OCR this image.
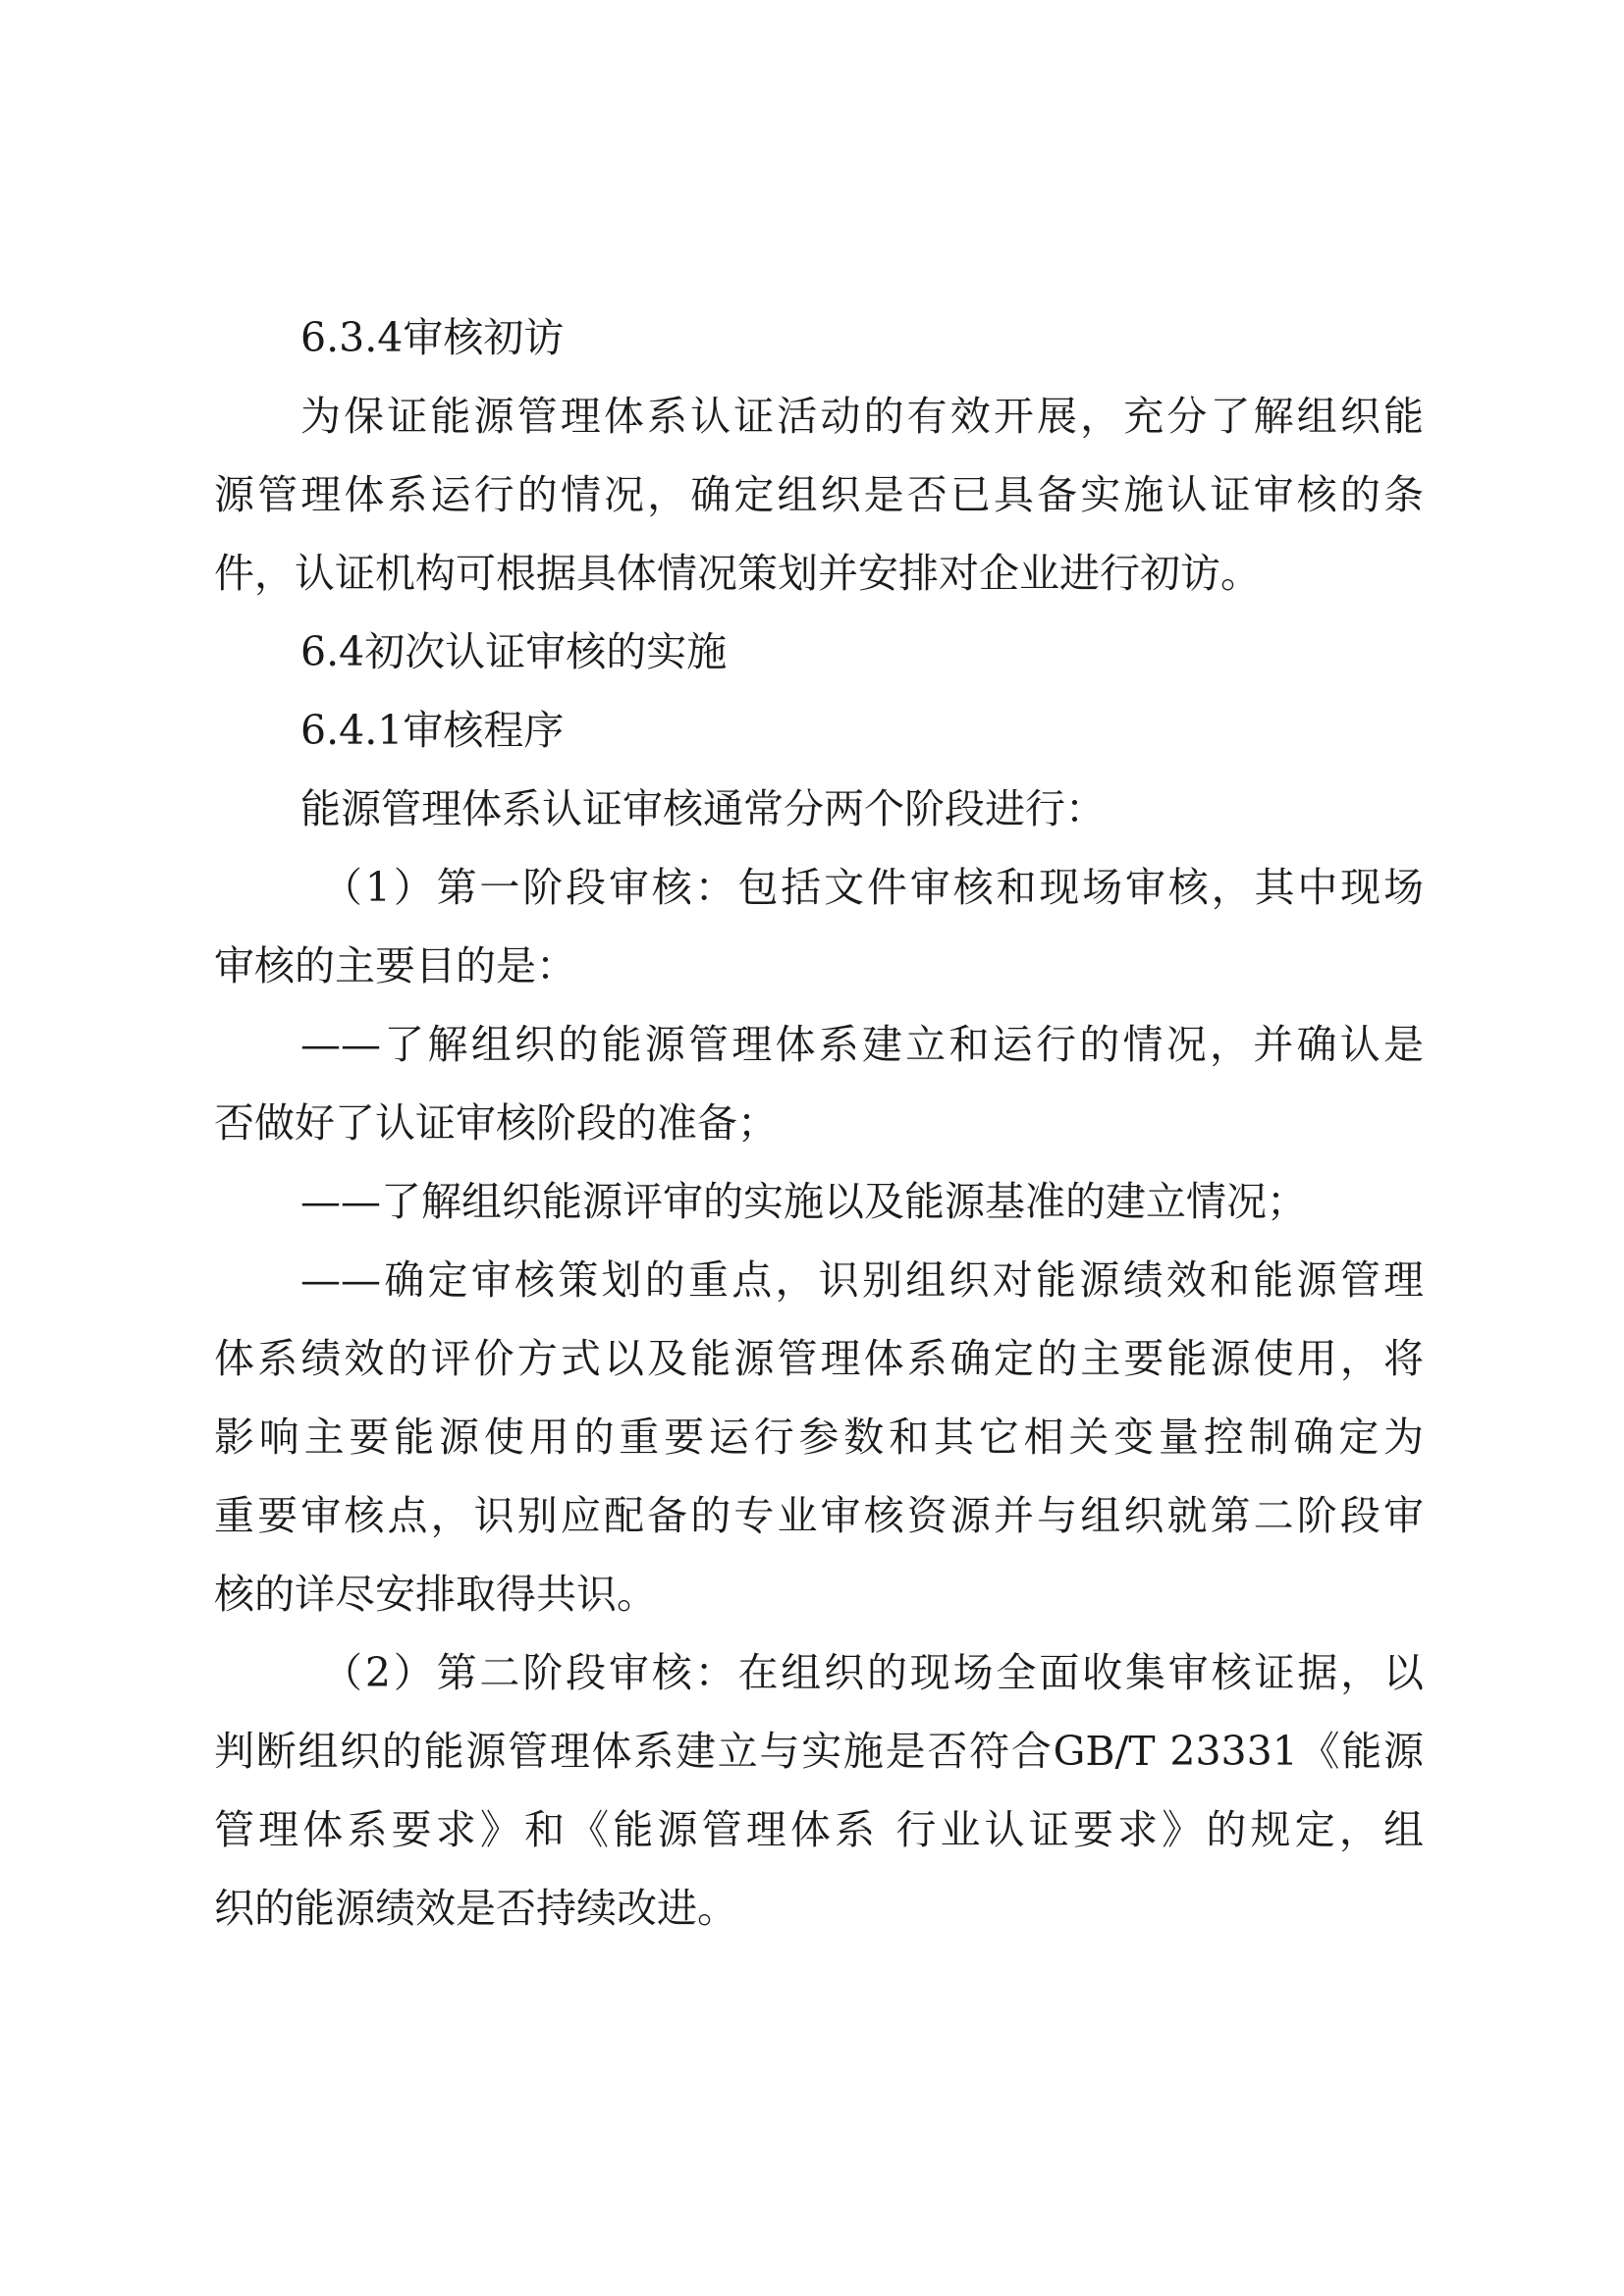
6.3.4审核初访
为保证能源管理体系认证活动的有效开展，充分了解组织能
源管理体系运行的情况，确定组织是否已具备实施认证审核的条
件，认证机构可根据具体情况策划并安排对企业进行初访。
6.4初次认证审核的实施
6.4.1审核程序
能源管理体系认证审核通常分两个阶段进行：
（1）第一阶段审核：包括文件审核和现场审核，其中现场
审核的主要目的是：
——了解组织的能源管理体系建立和运行的情况，并确认是
否做好了认证审核阶段的准备；
——了解组织能源评审的实施以及能源基准的建立情况；
——确定审核策划的重点，识别组织对能源绩效和能源管理
体系绩效的评价方式以及能源管理体系确定的主要能源使用，将
影响主要能源使用的重要运行参数和其它相关变量控制确定为
重要审核点，识别应配备的专业审核资源并与组织就第二阶段审
核的详尽安排取得共识。
（2）第二阶段审核：在组织的现场全面收集审核证据，以
判断组织的能源管理体系建立与实施是否符合GB/T 23331《能源
管理体系要求》和《能源管理体系 行业认证要求》的规定，组
织的能源绩效是否持续改进。
